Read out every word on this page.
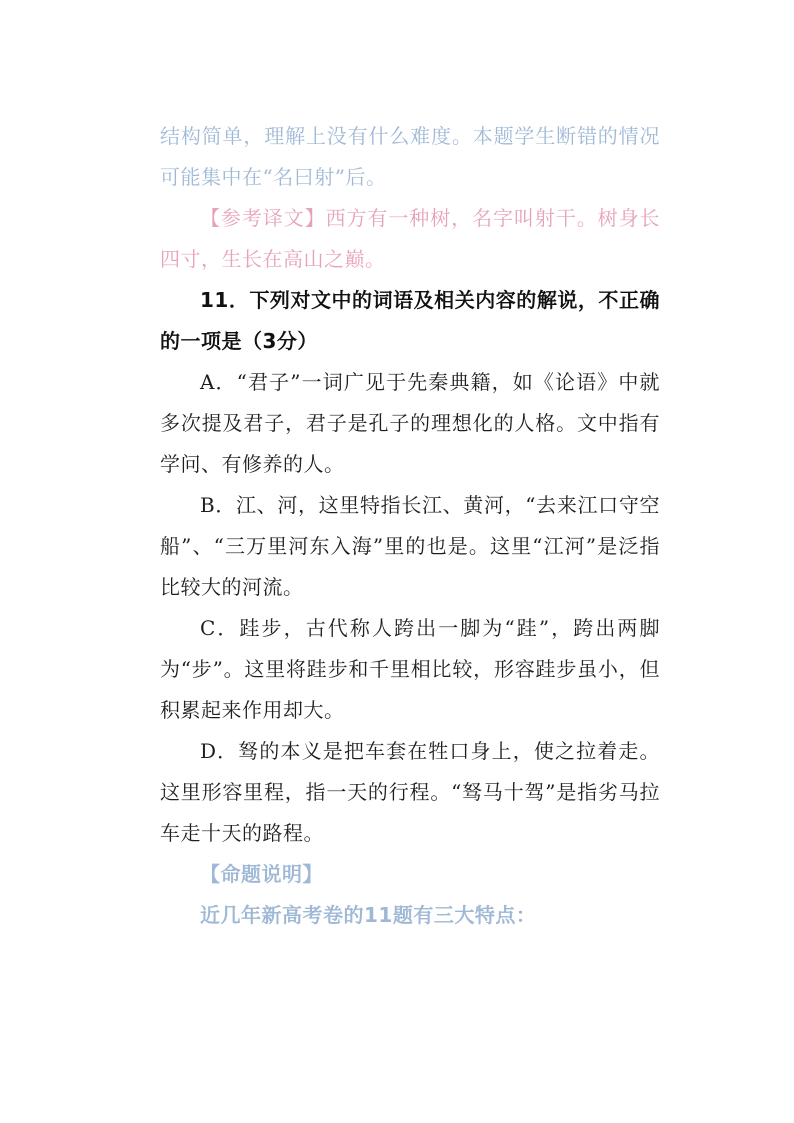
结构简单，理解上没有什么难度。本题学生断错的情况可能集中在“名曰射”后。

【参考译文】西方有一种树，名字叫射干。树身长四寸，生长在高山之巅。

11．下列对文中的词语及相关内容的解说，不正确的一项是（3分）

A．“君子”一词广见于先秦典籍，如《论语》中就多次提及君子，君子是孔子的理想化的人格。文中指有学问、有修养的人。

B．江、河，这里特指长江、黄河，“去来江口守空船”、“三万里河东入海”里的也是。这里“江河”是泛指比较大的河流。

C．跬步，古代称人跨出一脚为“跬”，跨出两脚为“步”。这里将跬步和千里相比较，形容跬步虽小，但积累起来作用却大。

D．驽的本义是把车套在牲口身上，使之拉着走。这里形容里程，指一天的行程。“驽马十驾”是指劣马拉车走十天的路程。

【命题说明】

近几年新高考卷的11题有三大特点：
